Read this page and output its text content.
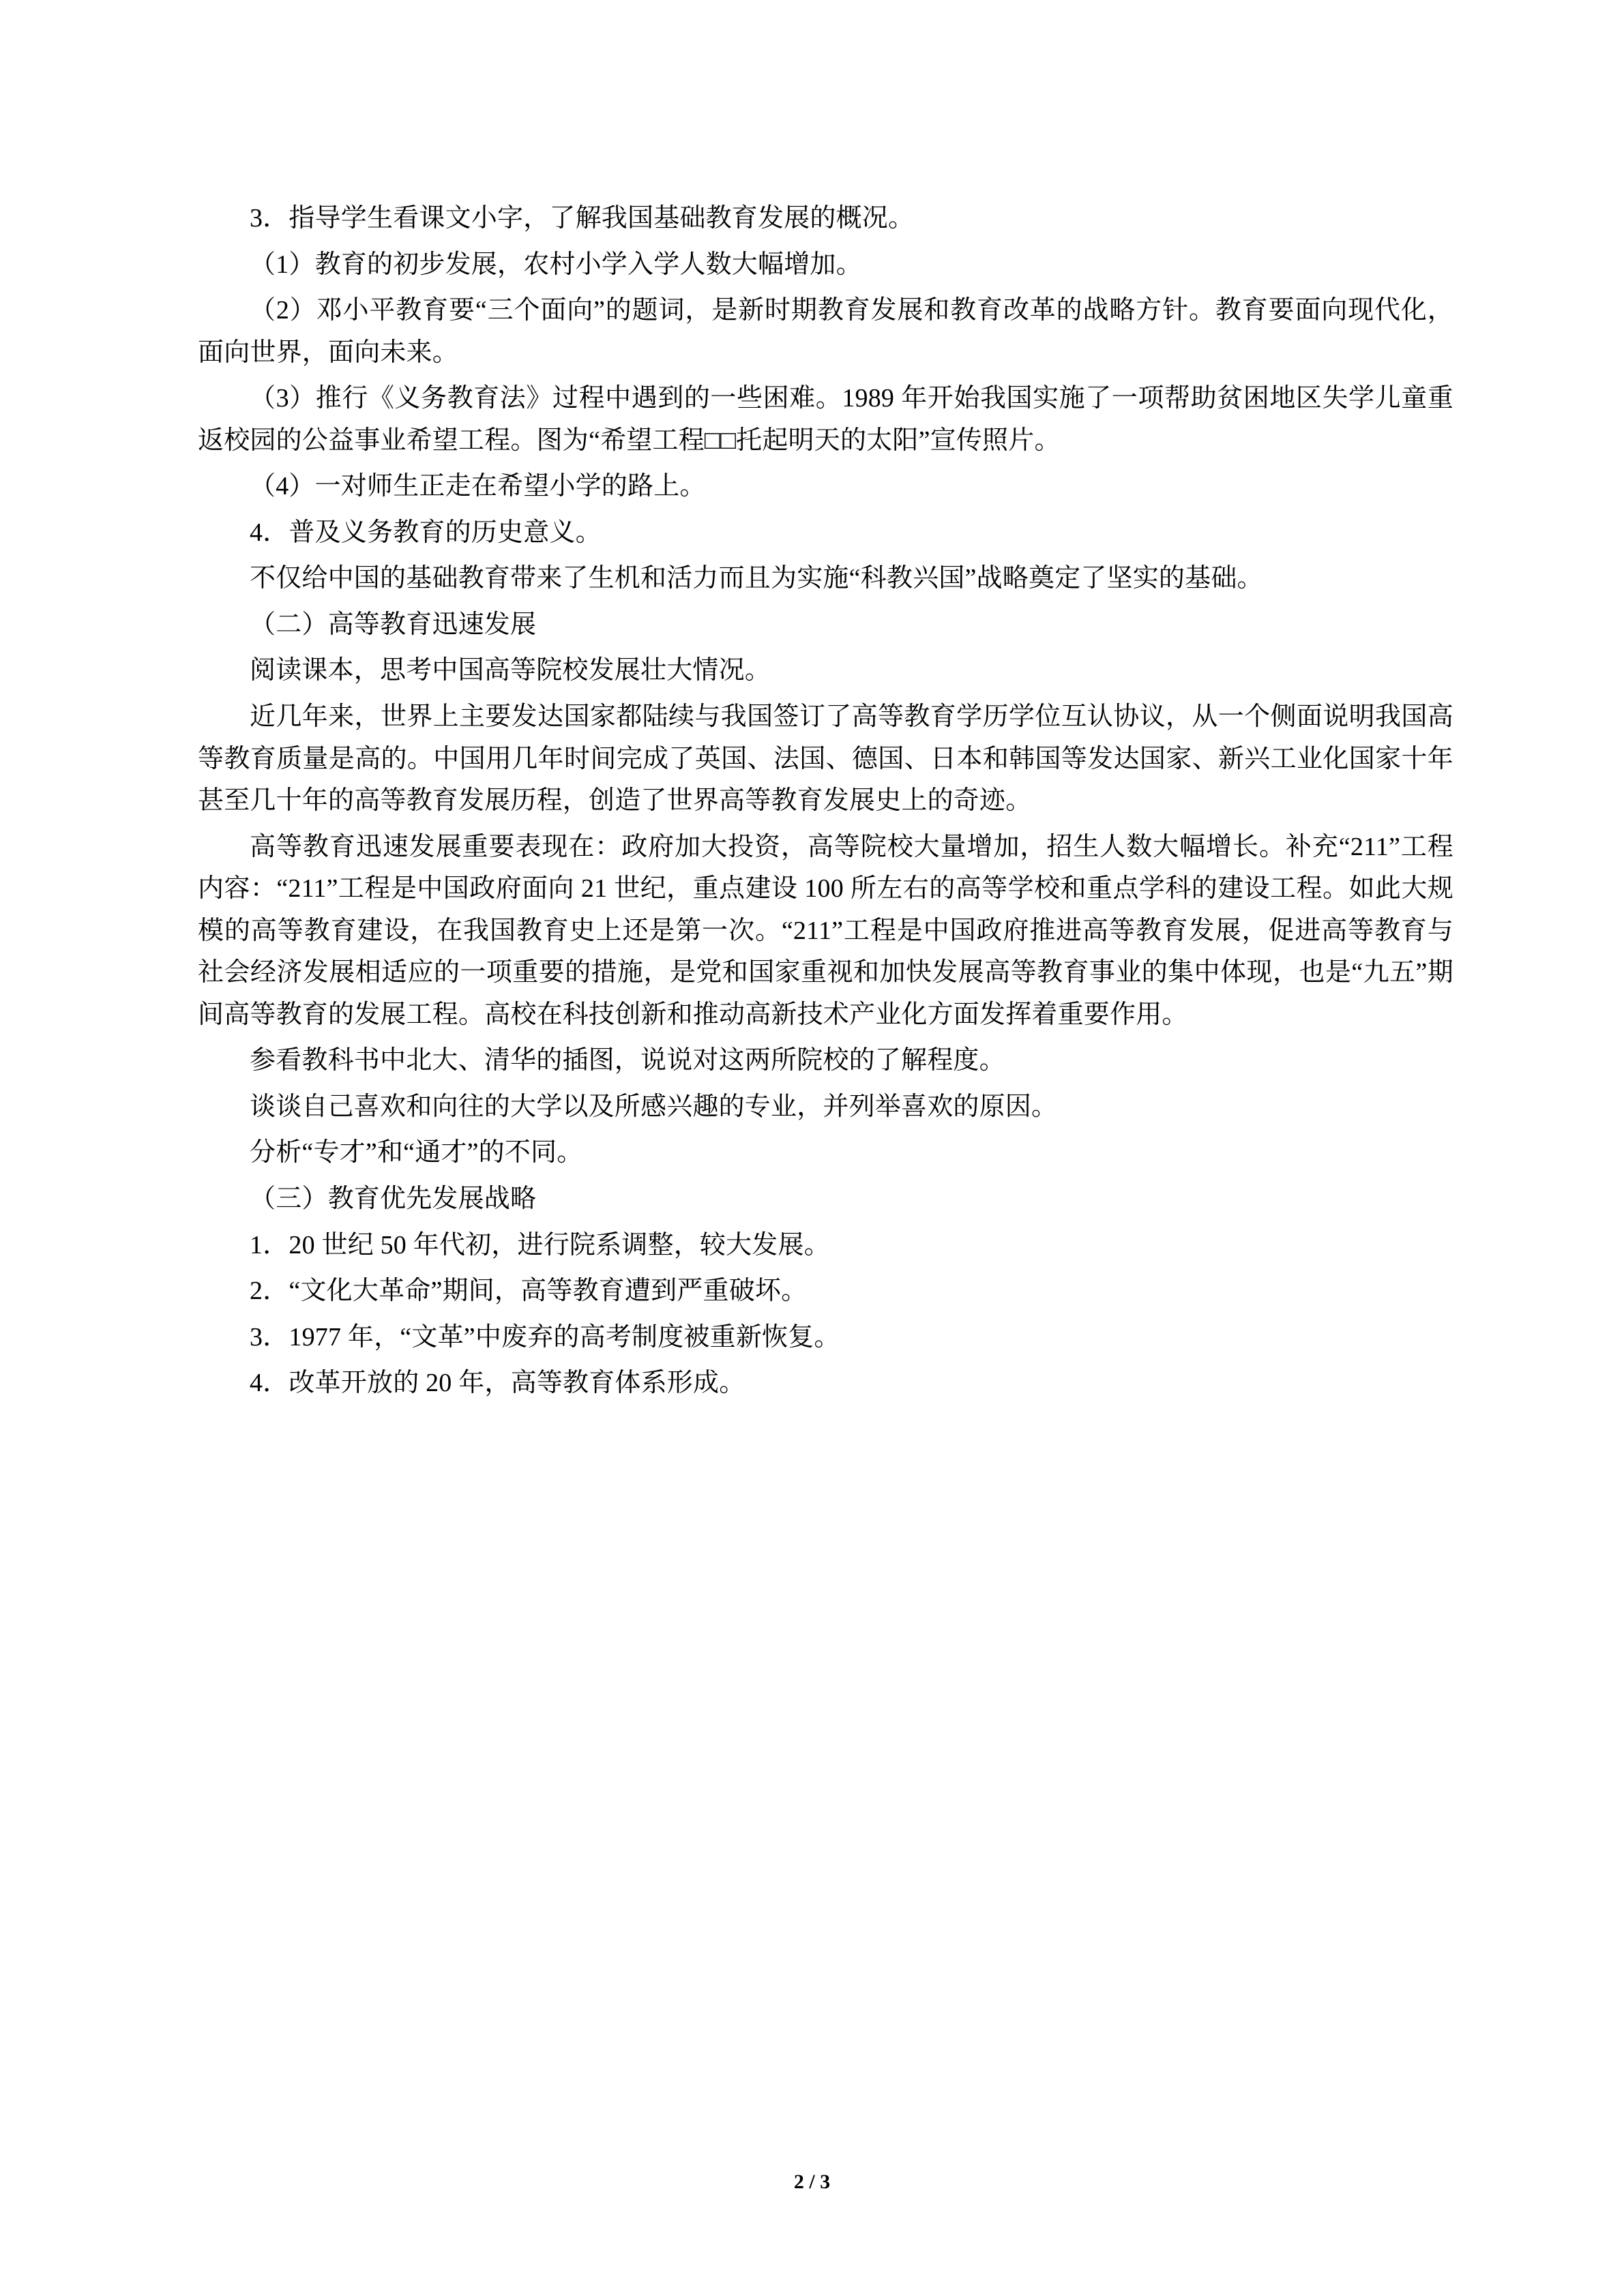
3．指导学生看课文小字，了解我国基础教育发展的概况。

（1）教育的初步发展，农村小学入学人数大幅增加。

（2）邓小平教育要“三个面向”的题词，是新时期教育发展和教育改革的战略方针。教育要面向现代化，面向世界，面向未来。

（3）推行《义务教育法》过程中遇到的一些困难。1989 年开始我国实施了一项帮助贫困地区失学儿童重返校园的公益事业希望工程。图为“希望工程□□托起明天的太阳”宣传照片。

（4）一对师生正走在希望小学的路上。

4．普及义务教育的历史意义。

不仅给中国的基础教育带来了生机和活力而且为实施“科教兴国”战略奠定了坚实的基础。

（二）高等教育迅速发展

阅读课本，思考中国高等院校发展壮大情况。

近几年来，世界上主要发达国家都陆续与我国签订了高等教育学历学位互认协议，从一个侧面说明我国高等教育质量是高的。中国用几年时间完成了英国、法国、德国、日本和韩国等发达国家、新兴工业化国家十年甚至几十年的高等教育发展历程，创造了世界高等教育发展史上的奇迹。

高等教育迅速发展重要表现在：政府加大投资，高等院校大量增加，招生人数大幅增长。补充“211”工程内容：“211”工程是中国政府面向 21 世纪，重点建设 100 所左右的高等学校和重点学科的建设工程。如此大规模的高等教育建设，在我国教育史上还是第一次。“211”工程是中国政府推进高等教育发展，促进高等教育与社会经济发展相适应的一项重要的措施，是党和国家重视和加快发展高等教育事业的集中体现，也是“九五”期间高等教育的发展工程。高校在科技创新和推动高新技术产业化方面发挥着重要作用。

参看教科书中北大、清华的插图，说说对这两所院校的了解程度。

谈谈自己喜欢和向往的大学以及所感兴趣的专业，并列举喜欢的原因。

分析“专才”和“通才”的不同。

（三）教育优先发展战略

1．20 世纪 50 年代初，进行院系调整，较大发展。

2．“文化大革命”期间，高等教育遭到严重破坏。

3．1977 年，“文革”中废弃的高考制度被重新恢复。

4．改革开放的 20 年，高等教育体系形成。

2 / 3
